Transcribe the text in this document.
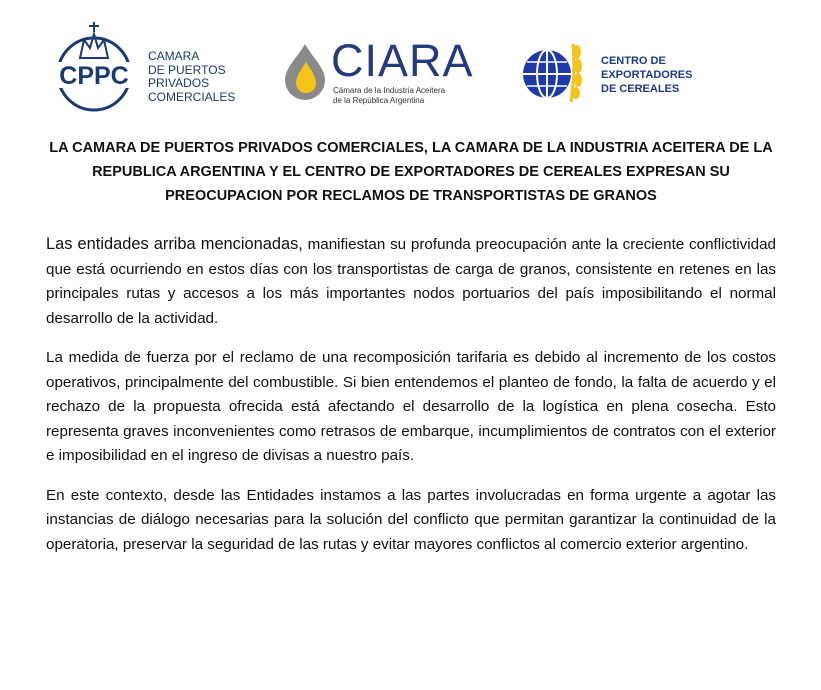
CPPC
CAMARA
DE PUERTOS
PRIVADOS
COMERCIALES
CIARA
Cámara de la Industria Aceitera
de la República Argentina
CENTRO DE
EXPORTADORES
DE CEREALES
LA CAMARA DE PUERTOS PRIVADOS COMERCIALES, LA CAMARA DE LA INDUSTRIA ACEITERA DE LA REPUBLICA ARGENTINA Y EL CENTRO DE EXPORTADORES DE CEREALES EXPRESAN SU PREOCUPACION POR RECLAMOS DE TRANSPORTISTAS DE GRANOS

Las entidades arriba mencionadas, manifiestan su profunda preocupación ante la creciente conflictividad que está ocurriendo en estos días con los transportistas de carga de granos, consistente en retenes en las principales rutas y accesos a los más importantes nodos portuarios del país imposibilitando el normal desarrollo de la actividad.

La medida de fuerza por el reclamo de una recomposición tarifaria es debido al incremento de los costos operativos, principalmente del combustible. Si bien entendemos el planteo de fondo, la falta de acuerdo y el rechazo de la propuesta ofrecida está afectando el desarrollo de la logística en plena cosecha. Esto representa graves inconvenientes como retrasos de embarque, incumplimientos de contratos con el exterior e imposibilidad en el ingreso de divisas a nuestro país.

En este contexto, desde las Entidades instamos a las partes involucradas en forma urgente a agotar las instancias de diálogo necesarias para la solución del conflicto que permitan garantizar la continuidad de la operatoria, preservar la seguridad de las rutas y evitar mayores conflictos al comercio exterior argentino.
